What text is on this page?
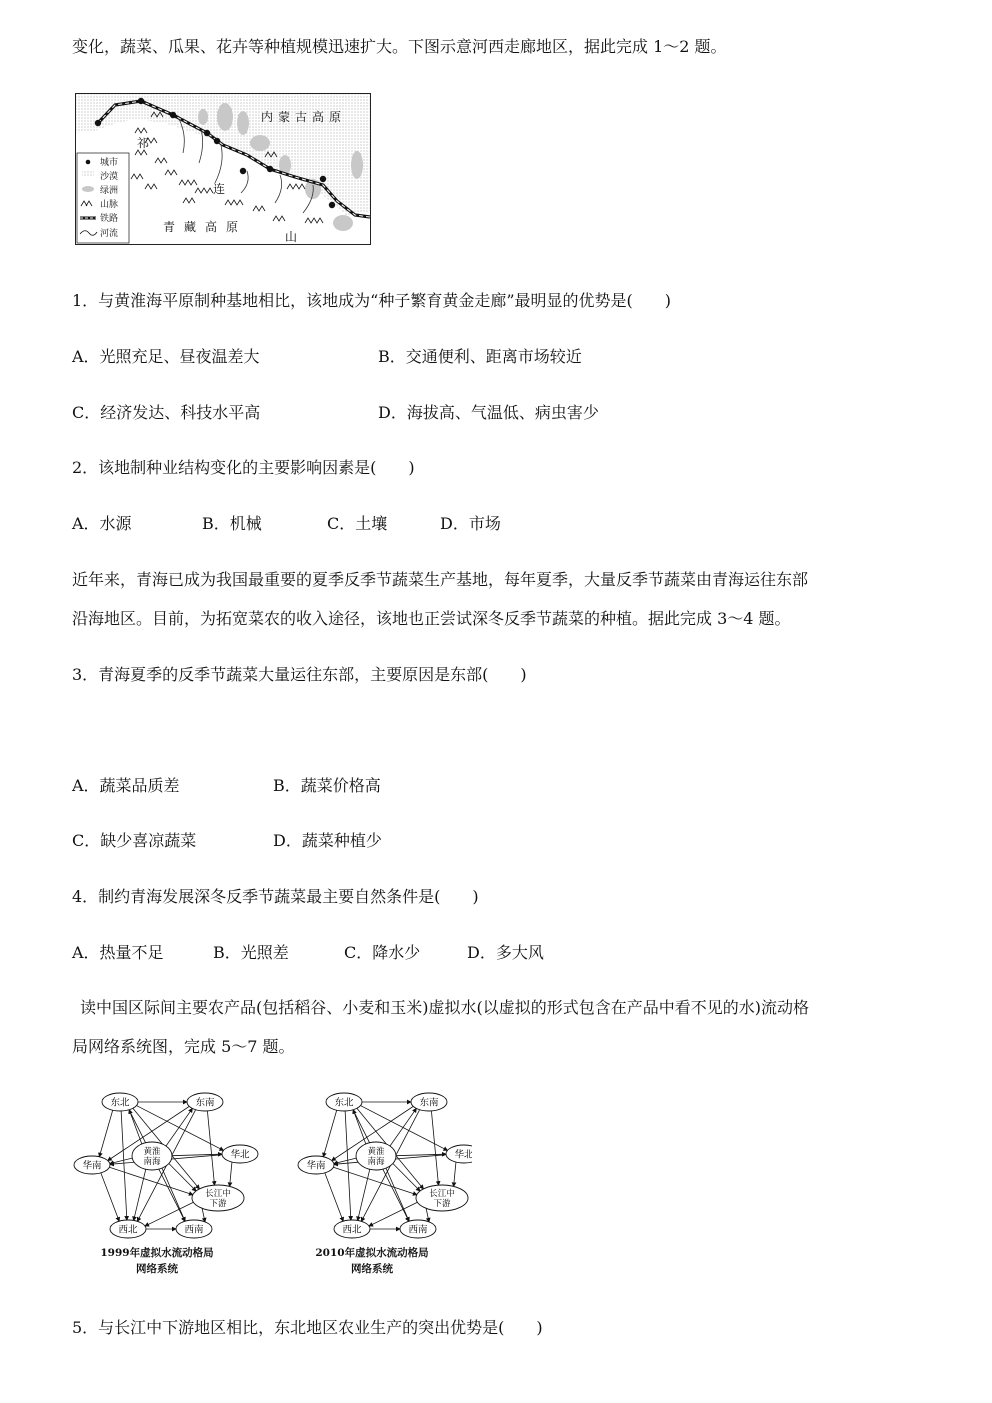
变化，蔬菜、瓜果、花卉等种植规模迅速扩大。下图示意河西走廊地区，据此完成 1～2 题。
城市
沙漠
绿洲
山脉
铁路
河流
内蒙古高原
青藏高原
祁
连
山
1．与黄淮海平原制种基地相比，该地成为“种子繁育黄金走廊”最明显的优势是(　　)
A．光照充足、昼夜温差大	B．交通便利、距离市场较近
C．经济发达、科技水平高	D．海拔高、气温低、病虫害少
2．该地制种业结构变化的主要影响因素是(　　)
A．水源	B．机械	C．土壤	D．市场
近年来，青海已成为我国最重要的夏季反季节蔬菜生产基地，每年夏季，大量反季节蔬菜由青海运往东部
沿海地区。目前，为拓宽菜农的收入途径，该地也正尝试深冬反季节蔬菜的种植。据此完成 3～4 题。
3．青海夏季的反季节蔬菜大量运往东部，主要原因是东部(　　)
A．蔬菜品质差	B．蔬菜价格高
C．缺少喜凉蔬菜	D．蔬菜种植少
4．制约青海发展深冬反季节蔬菜最主要自然条件是(　　)
A．热量不足	B．光照差	C．降水少	D．多大风
读中国区际间主要农产品(包括稻谷、小麦和玉米)虚拟水(以虚拟的形式包含在产品中看不见的水)流动格
局网络系统图，完成 5～7 题。
东北	东南
黄淮
南海
华北
华南
长江中
下游
西北	西南
东北	东南
黄淮
南海
华北
华南
长江中
下游
西北	西南
1999年虚拟水流动格局
网络系统
2010年虚拟水流动格局
网络系统
5．与长江中下游地区相比，东北地区农业生产的突出优势是(　　)
